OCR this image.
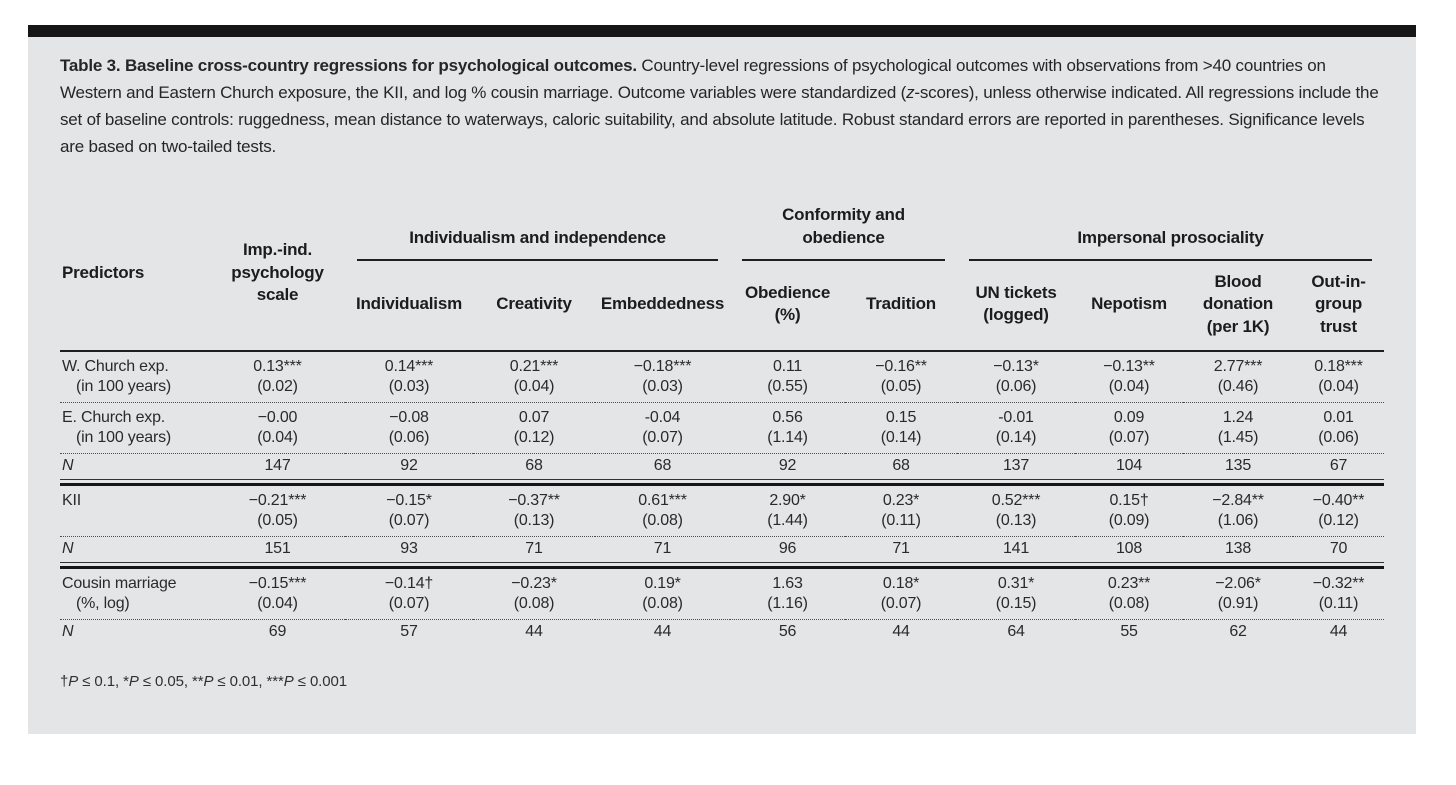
Table 3. Baseline cross-country regressions for psychological outcomes. Country-level regressions of psychological outcomes with observations from >40 countries on Western and Eastern Church exposure, the KII, and log % cousin marriage. Outcome variables were standardized (z-scores), unless otherwise indicated. All regressions include the set of baseline controls: ruggedness, mean distance to waterways, caloric suitability, and absolute latitude. Robust standard errors are reported in parentheses. Significance levels are based on two-tailed tests.

Predictors	Imp.-ind. psychology scale	Individualism and independence			Conformity and obedience		Impersonal prosociality			

		Individualism	Creativity	Embeddedness	Obedience (%)	Tradition	UN tickets (logged)	Nepotism	Blood donation (per 1K)	Out-in-group trust
W. Church exp.	0.13***	0.14***	0.21***	−0.18***	0.11	−0.16**	−0.13*	−0.13**	2.77***	0.18***
(in 100 years)	(0.02)	(0.03)	(0.04)	(0.03)	(0.55)	(0.05)	(0.06)	(0.04)	(0.46)	(0.04)
E. Church exp.	−0.00	−0.08	0.07	-0.04	0.56	0.15	-0.01	0.09	1.24	0.01
(in 100 years)	(0.04)	(0.06)	(0.12)	(0.07)	(1.14)	(0.14)	(0.14)	(0.07)	(1.45)	(0.06)
N	147	92	68	68	92	68	137	104	135	67

KII	−0.21***	−0.15*	−0.37**	0.61***	2.90*	0.23*	0.52***	0.15†	−2.84**	−0.40**
	(0.05)	(0.07)	(0.13)	(0.08)	(1.44)	(0.11)	(0.13)	(0.09)	(1.06)	(0.12)
N	151	93	71	71	96	71	141	108	138	70

Cousin marriage	−0.15***	−0.14†	−0.23*	0.19*	1.63	0.18*	0.31*	0.23**	−2.06*	−0.32**
(%, log)	(0.04)	(0.07)	(0.08)	(0.08)	(1.16)	(0.07)	(0.15)	(0.08)	(0.91)	(0.11)
N	69	57	44	44	56	44	64	55	62	44

†P ≤ 0.1, *P ≤ 0.05, **P ≤ 0.01, ***P ≤ 0.001
